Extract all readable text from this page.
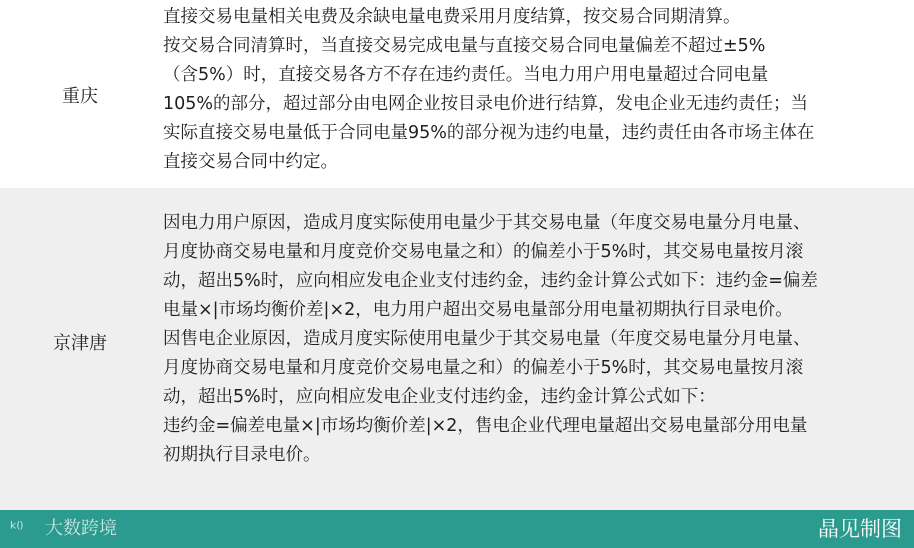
重庆
直接交易电量相关电费及余缺电量电费采用月度结算，按交易合同期清算。
按交易合同清算时，当直接交易完成电量与直接交易合同电量偏差不超过±5%
（含5%）时，直接交易各方不存在违约责任。当电力用户用电量超过合同电量
105%的部分，超过部分由电网企业按目录电价进行结算，发电企业无违约责任；当
实际直接交易电量低于合同电量95%的部分视为违约电量，违约责任由各市场主体在
直接交易合同中约定。
京津唐
因电力用户原因，造成月度实际使用电量少于其交易电量（年度交易电量分月电量、
月度协商交易电量和月度竞价交易电量之和）的偏差小于5%时，其交易电量按月滚
动，超出5%时，应向相应发电企业支付违约金，违约金计算公式如下：违约金=偏差
电量×|市场均衡价差|×2，电力用户超出交易电量部分用电量初期执行目录电价。
因售电企业原因，造成月度实际使用电量少于其交易电量（年度交易电量分月电量、
月度协商交易电量和月度竞价交易电量之和）的偏差小于5%时，其交易电量按月滚
动，超出5%时，应向相应发电企业支付违约金，违约金计算公式如下：
违约金=偏差电量×|市场均衡价差|×2，售电企业代理电量超出交易电量部分用电量
初期执行目录电价。
ᵏ⁽⁾ 大数跨境	晶见制图
